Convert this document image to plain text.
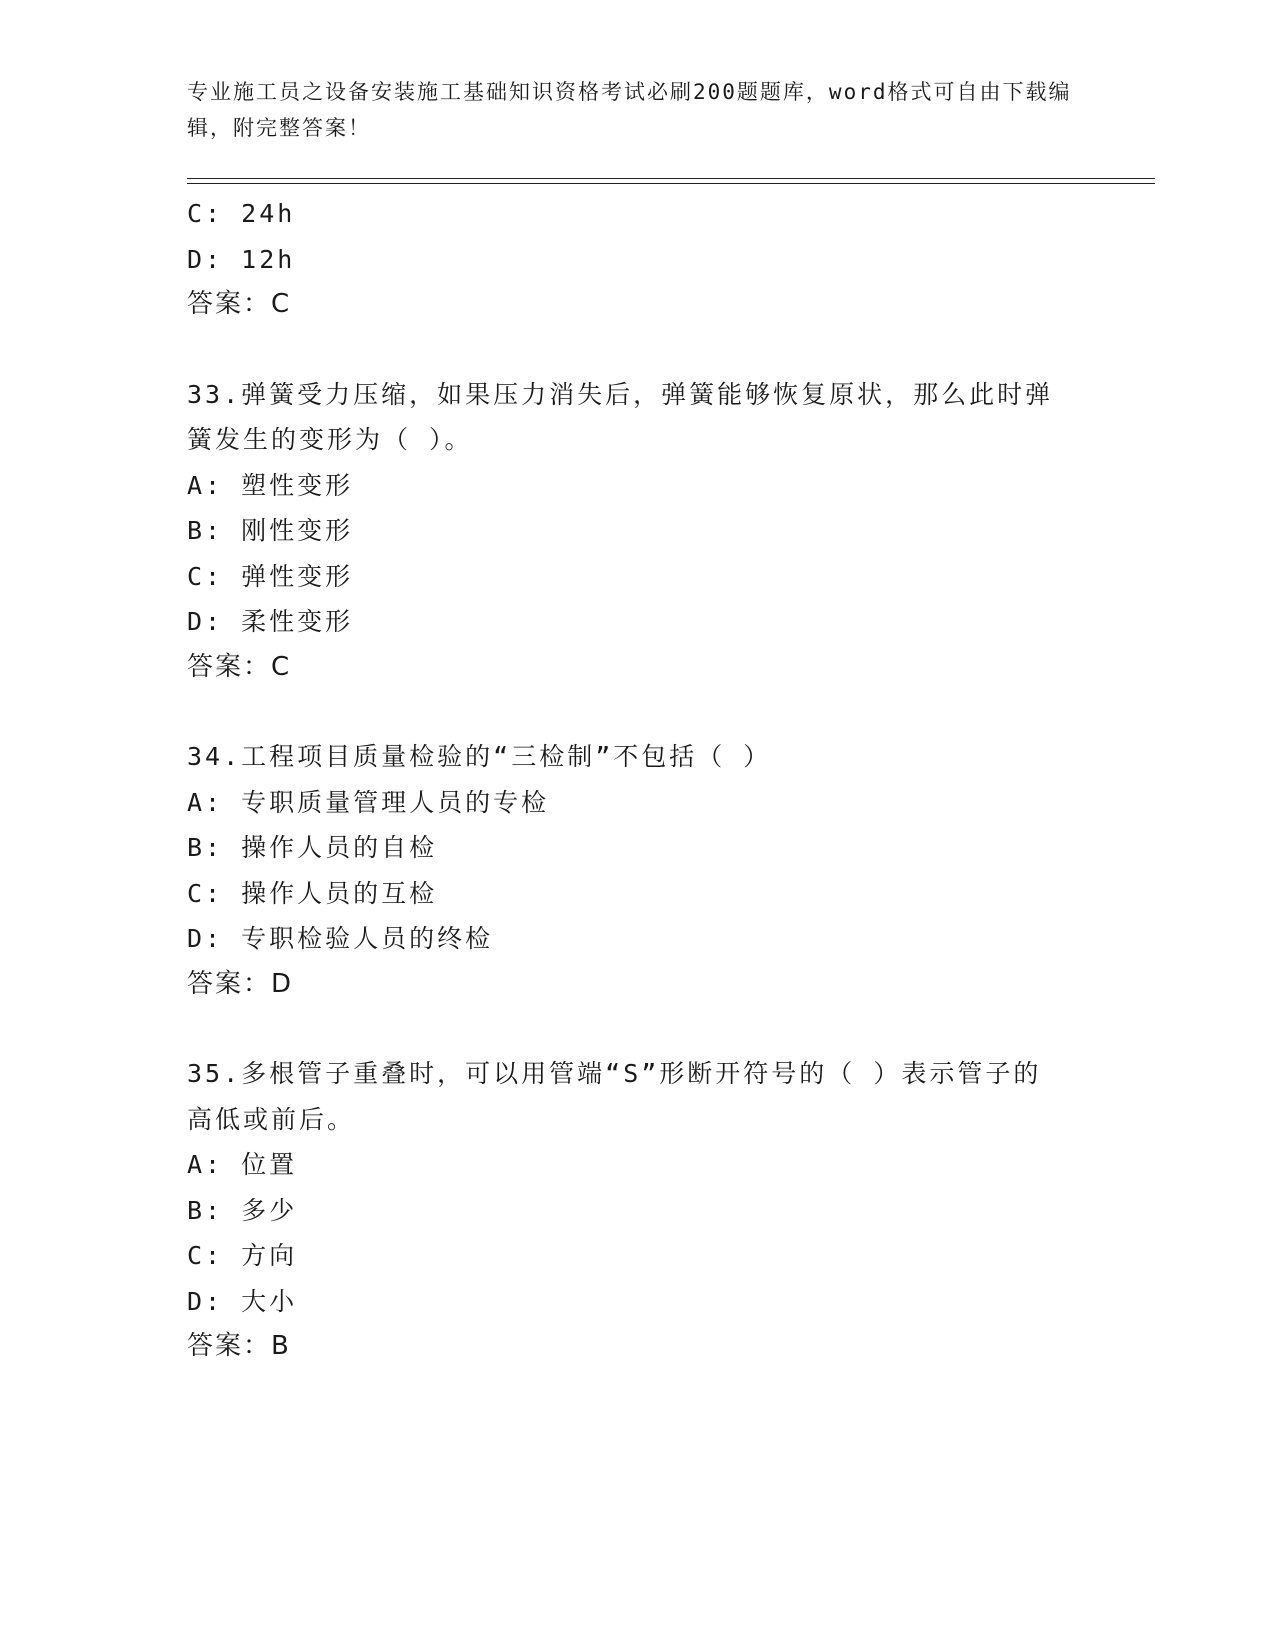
专业施工员之设备安装施工基础知识资格考试必刷200题题库，word格式可自由下载编辑，附完整答案！
C: 24h
D: 12h
答案：C
33.弹簧受力压缩，如果压力消失后，弹簧能够恢复原状，那么此时弹
簧发生的变形为（ ）。
A: 塑性变形
B: 刚性变形
C: 弹性变形
D: 柔性变形
答案：C
34.工程项目质量检验的“三检制”不包括（ ）
A: 专职质量管理人员的专检
B: 操作人员的自检
C: 操作人员的互检
D: 专职检验人员的终检
答案：D
35.多根管子重叠时，可以用管端“S”形断开符号的（ ）表示管子的
高低或前后。
A: 位置
B: 多少
C: 方向
D: 大小
答案：B
